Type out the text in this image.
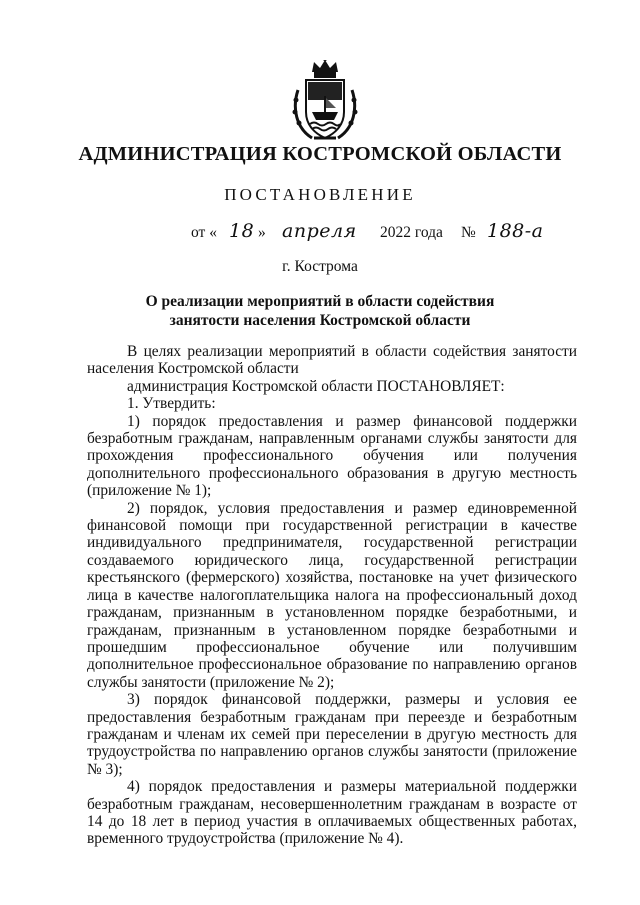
АДМИНИСТРАЦИЯ КОСТРОМСКОЙ ОБЛАСТИ
ПОСТАНОВЛЕНИЕ
от « 18 » апреля 2022 года № 188-а
г. Кострома
О реализации мероприятий в области содействия
занятости населения Костромской области

В целях реализации мероприятий в области содействия занятости населения Костромской области

администрация Костромской области ПОСТАНОВЛЯЕТ:

1. Утвердить:

1) порядок предоставления и размер финансовой поддержки безработным гражданам, направленным органами службы занятости для прохождения профессионального обучения или получения дополнительного профессионального образования в другую местность (приложение № 1);

2) порядок, условия предоставления и размер единовременной финансовой помощи при государственной регистрации в качестве индивидуального предпринимателя, государственной регистрации создаваемого юридического лица, государственной регистрации крестьянского (фермерского) хозяйства, постановке на учет физического лица в качестве налогоплательщика налога на профессиональный доход гражданам, признанным в установленном порядке безработными, и гражданам, признанным в установленном порядке безработными и прошедшим профессиональное обучение или получившим дополнительное профессиональное образование по направлению органов службы занятости (приложение № 2);

3) порядок финансовой поддержки, размеры и условия ее предоставления безработным гражданам при переезде и безработным гражданам и членам их семей при переселении в другую местность для трудоустройства по направлению органов службы занятости (приложение № 3);

4) порядок предоставления и размеры материальной поддержки безработным гражданам, несовершеннолетним гражданам в возрасте от 14 до 18 лет в период участия в оплачиваемых общественных работах, временного трудоустройства (приложение № 4).
